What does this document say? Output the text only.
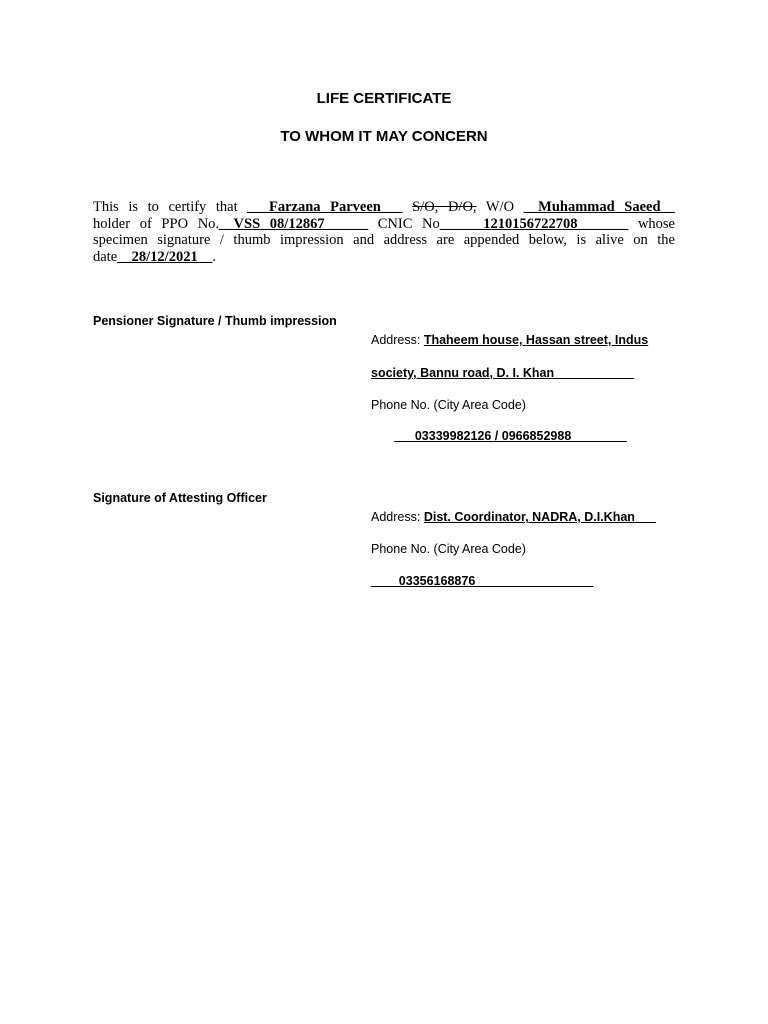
LIFE CERTIFICATE
TO WHOM IT MAY CONCERN
This is to certify that ___Farzana Parveen___ S/O, D/O, W/O __Muhammad Saeed__
holder of PPO No.__VSS 08/12867______ CNIC No______1210156722708_______ whose
specimen signature / thumb impression and address are appended below, is alive on the
date__28/12/2021__.
Pensioner Signature / Thumb impression
Address: Thaheem house, Hassan street, Indus
society, Bannu road, D. I. Khan ___________
Phone No. (City Area Code)
___03339982126 / 0966852988________
Signature of Attesting Officer
Address: Dist. Coordinator, NADRA, D.I.Khan___
Phone No. (City Area Code)
____03356168876_________________
